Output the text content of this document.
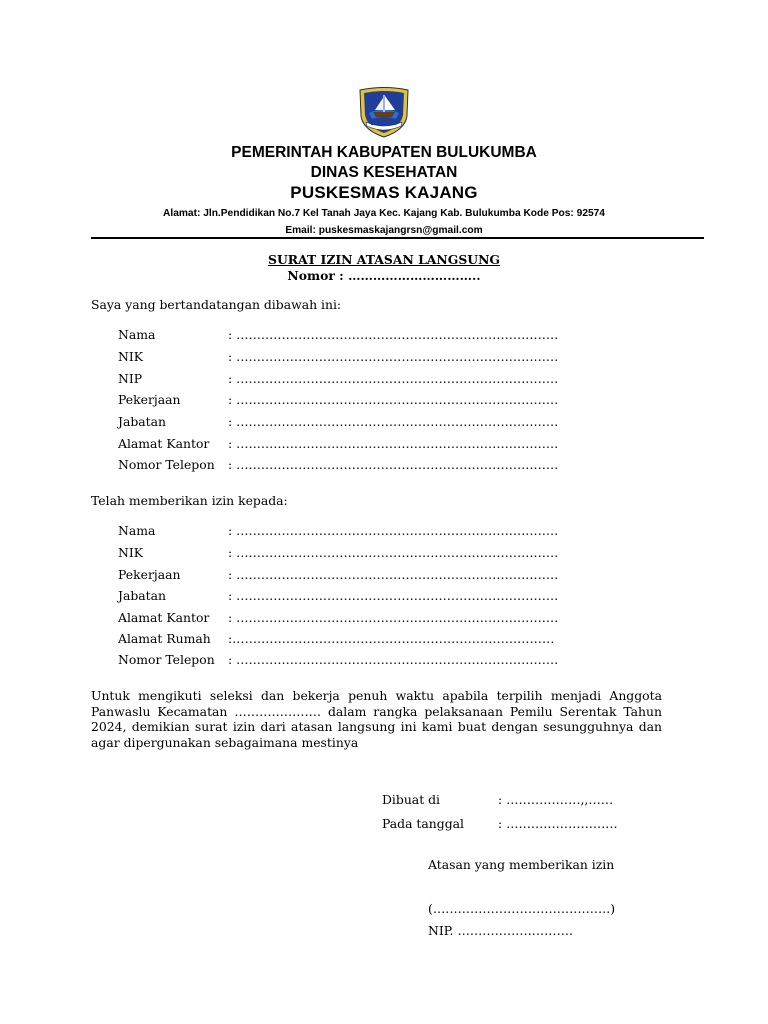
PEMERINTAH KABUPATEN BULUKUMBA
DINAS KESEHATAN
PUSKESMAS KAJANG
Alamat: Jln.Pendidikan No.7 Kel Tanah Jaya Kec. Kajang Kab. Bulukumba Kode Pos: 92574
Email: puskesmaskajangrsn@gmail.com
SURAT IZIN ATASAN LANGSUNG
Nomor : …………………………..
Saya yang bertandatangan dibawah ini:
Nama	: ……………………………………………………………………
NIK	: ……………………………………………………………………
NIP	: ……………………………………………………………………
Pekerjaan	: ……………………………………………………………………
Jabatan	: ……………………………………………………………………
Alamat Kantor : ……………………………………………………………………
Nomor Telepon : ……………………………………………………………………
Telah memberikan izin kepada:
Nama	: ……………………………………………………………………
NIK	: ……………………………………………………………………
Pekerjaan	: ……………………………………………………………………
Jabatan	: ……………………………………………………………………
Alamat Kantor : ……………………………………………………………………
Alamat Rumah :……………………………………………………………………
Nomor Telepon : ……………………………………………………………………
Untuk mengikuti seleksi dan bekerja penuh waktu apabila terpilih menjadi Anggota Panwaslu Kecamatan ………………… dalam rangka pelaksanaan Pemilu Serentak Tahun 2024, demikian surat izin dari atasan langsung ini kami buat dengan sesungguhnya dan agar dipergunakan sebagaimana mestinya
Dibuat di	: ………………,,……
Pada tanggal	: ………………………
Atasan yang memberikan izin
(…………………………………….)
NIP. ……………………….
